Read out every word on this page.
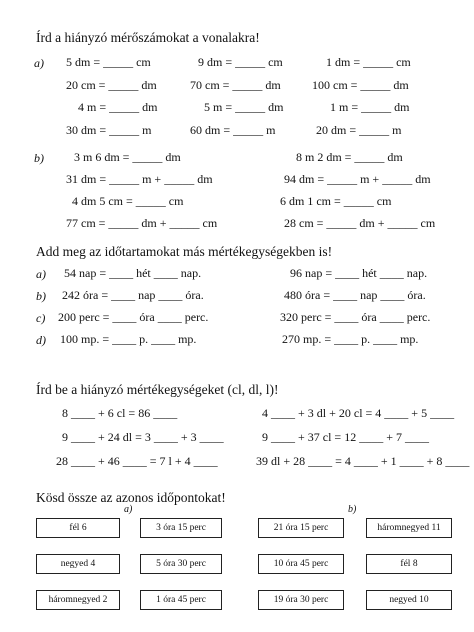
Írd a hiányzó mérőszámokat a vonalakra!
a) 5 dm = _____ cm	9 dm = _____ cm	1 dm = _____ cm
20 cm = _____ dm	70 cm = _____ dm	100 cm = _____ dm
4 m = _____ dm	5 m = _____ dm	1 m = _____ dm
30 dm = _____ m	60 dm = _____ m	20 dm = _____ m
b)	3 m 6 dm = _____ dm	8 m 2 dm = _____ dm
31 dm = _____ m + _____ dm	94 dm = _____ m + _____ dm
4 dm 5 cm = _____ cm	6 dm 1 cm = _____ cm
77 cm = _____ dm + _____ cm	28 cm = _____ dm + _____ cm
Add meg az időtartamokat más mértékegységekben is!
a) 54 nap = ____ hét ____ nap.	96 nap = ____ hét ____ nap.
b) 242 óra = ____ nap ____ óra.	480 óra = ____ nap ____ óra.
c) 200 perc = ____ óra ____ perc.	320 perc = ____ óra ____ perc.
d) 100 mp. = ____ p. ____ mp.	270 mp. = ____ p. ____ mp.
Írd be a hiányzó mértékegységeket (cl, dl, l)!
8 ____ + 6 cl = 86 ____	4 ____ + 3 dl + 20 cl = 4 ____ + 5 ____
9 ____ + 24 dl = 3 ____ + 3 ____	9 ____ + 37 cl = 12 ____ + 7 ____
28 ____ + 46 ____ = 7 l + 4 ____	39 dl + 28 ____ = 4 ____ + 1 ____ + 8 ____
Kösd össze az azonos időpontokat!
a)	b)
fél 6
negyed 4
háromnegyed 2
3 óra 15 perc
5 óra 30 perc
1 óra 45 perc
21 óra 15 perc
10 óra 45 perc
19 óra 30 perc
háromnegyed 11
fél 8
negyed 10
